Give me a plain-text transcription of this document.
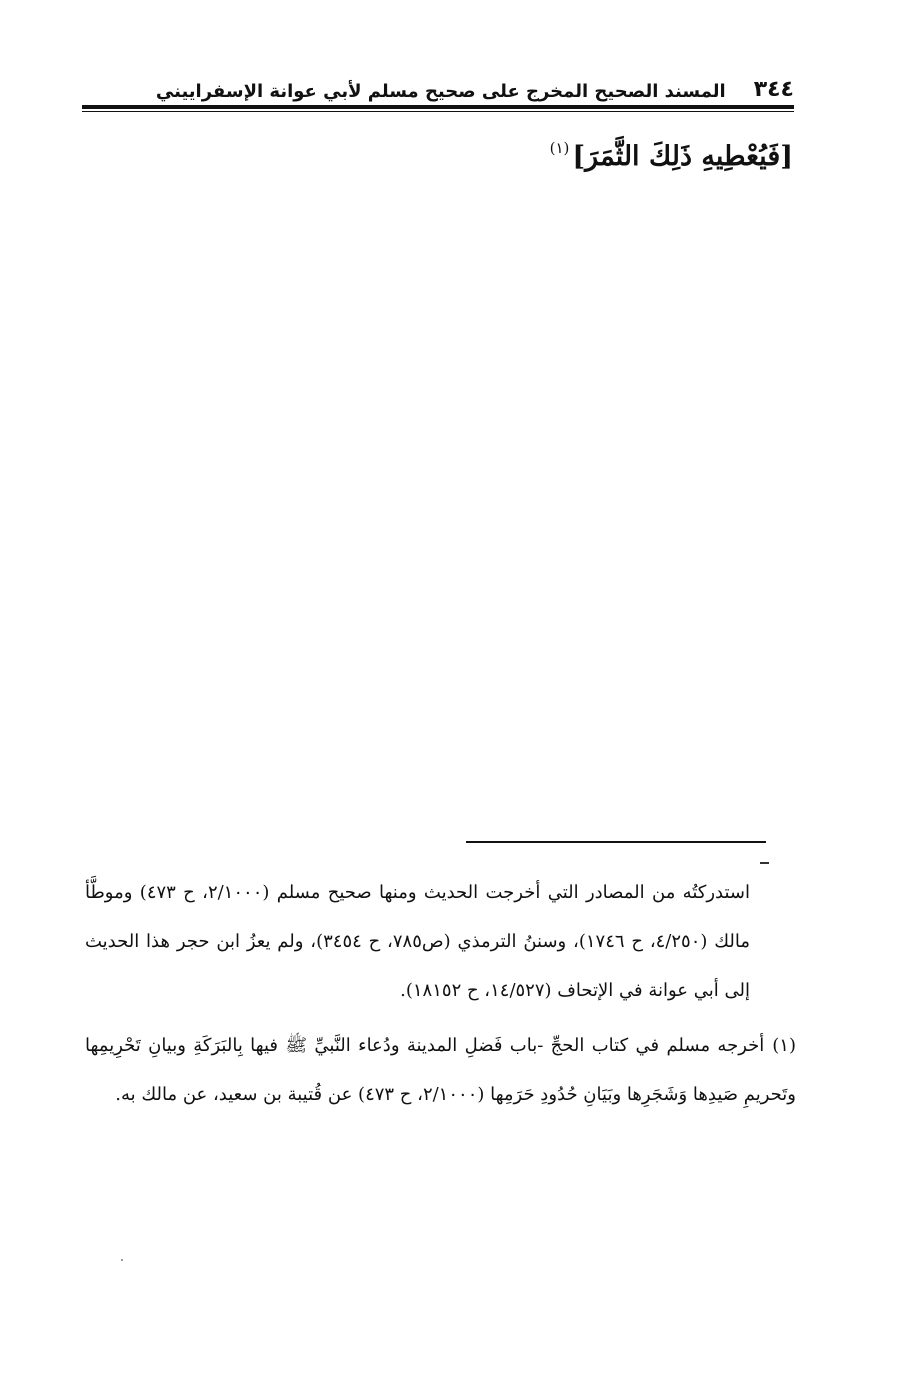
٣٤٤
المسند الصحيح المخرج على صحيح مسلم لأبي عوانة الإسفراييني
[فَيُعْطِيهِ ذَلِكَ الثَّمَرَ]$^{(١)}$

استدركتُه من المصادر التي أخرجت الحديث ومنها صحيح مسلم (٢/١٠٠٠، ح ٤٧٣) وموطَّأ مالك (٤/٢٥٠، ح ١٧٤٦)، وسننُ الترمذي (ص٧٨٥، ح ٣٤٥٤)، ولم يعزُ ابن حجر هذا الحديث إلى أبي عوانة في الإتحاف (١٤/٥٢٧، ح ١٨١٥٢).

(١)أخرجه مسلم في كتاب الحجِّ -باب فَضلِ المدينة ودُعاء النَّبيِّ ﷺ فيها بِالبَرَكَةِ وبيانِ تَحْرِيمِها وتَحريمِ صَيدِها وَشَجَرِها وبَيَانِ حُدُودِ حَرَمِها (٢/١٠٠٠، ح ٤٧٣) عن قُتيبة بن سعيد، عن مالك به.
